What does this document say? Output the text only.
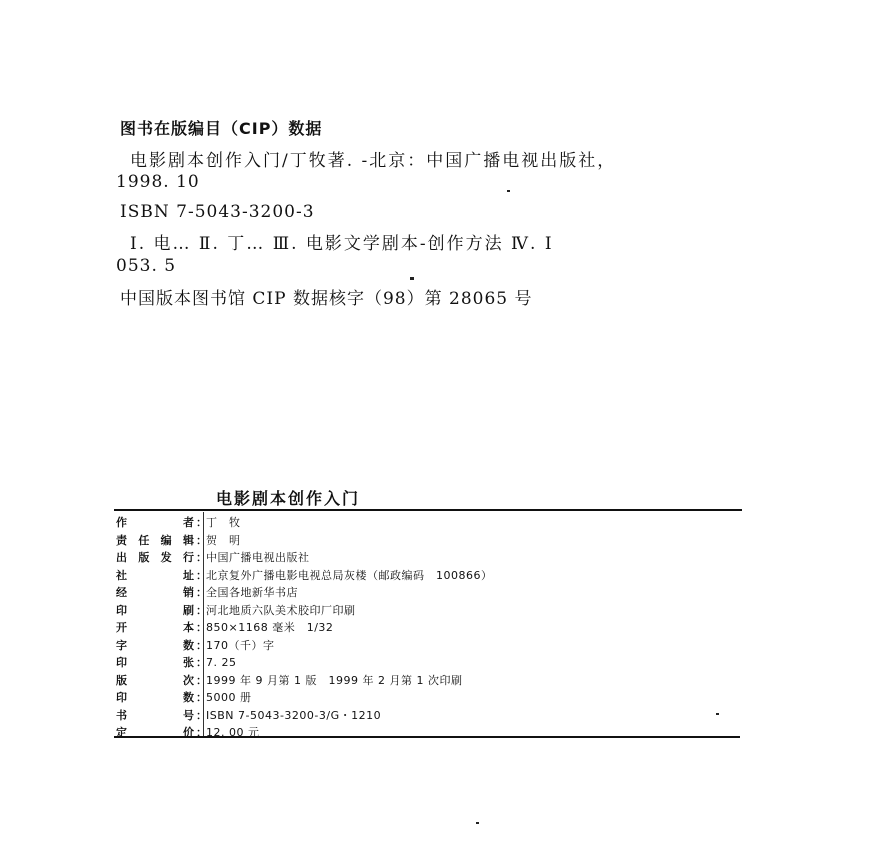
图书在版编目（CIP）数据
电影剧本创作入门/丁牧著. -北京：中国广播电视出版社，
1998. 10
ISBN 7-5043-3200-3
Ⅰ. 电… Ⅱ. 丁… Ⅲ. 电影文学剧本-创作方法 Ⅳ. I
053. 5
中国版本图书馆 CIP 数据核字（98）第 28065 号
电影剧本创作入门
作	者 ： 丁　牧
责 任 编 辑 ： 贺　明
出 版 发 行 ： 中国广播电视出版社
社	址 ： 北京复外广播电影电视总局灰楼（邮政编码　100866）
经	销 ： 全国各地新华书店
印	刷 ： 河北地质六队美术胶印厂印刷
开	本 ： 850×1168 毫米　1/32
字	数 ： 170（千）字
印	张 ： 7. 25
版	次 ： 1999 年 9 月第 1 版　1999 年 2 月第 1 次印刷
印	数 ： 5000 册
书	号 ： ISBN 7-5043-3200-3/G・1210
定	价 ： 12. 00 元
